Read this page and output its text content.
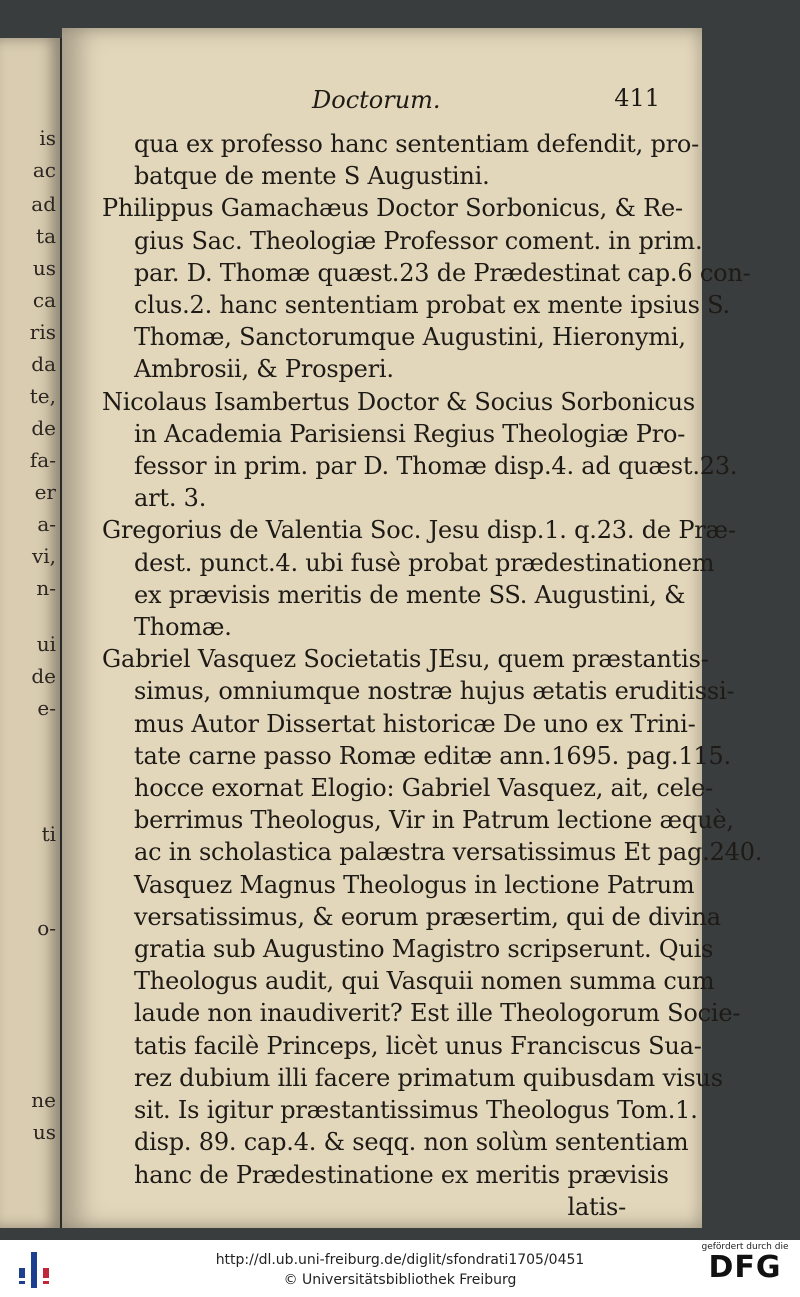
is
ac
ad
ta
us
ca
ris
da
te,
de
fa-
er
a-
vi,
n-
ui
de
e-
ti
o-
ne
us
Doctorum.	411
qua ex professo hanc sententiam defendit, pro-
batque de mente S Augustini.
Philippus Gamachæus Doctor Sorbonicus, & Re-
gius Sac. Theologiæ Professor coment. in prim.
par. D. Thomæ quæst.23 de Prædestinat cap.6 con-
clus.2. hanc sententiam probat ex mente ipsius S.
Thomæ, Sanctorumque Augustini, Hieronymi,
Ambrosii, & Prosperi.
Nicolaus Isambertus Doctor & Socius Sorbonicus
in Academia Parisiensi Regius Theologiæ Pro-
fessor in prim. par D. Thomæ disp.4. ad quæst.23.
art. 3.
Gregorius de Valentia Soc. Jesu disp.1. q.23. de Præ-
dest. punct.4. ubi fusè probat prædestinationem
ex prævisis meritis de mente SS. Augustini, &
Thomæ.
Gabriel Vasquez Societatis JEsu, quem præstantis-
simus, omniumque nostræ hujus ætatis eruditissi-
mus Autor Dissertat historicæ De uno ex Trini-
tate carne passo Romæ editæ ann.1695. pag.115.
hocce exornat Elogio: Gabriel Vasquez, ait, cele-
berrimus Theologus, Vir in Patrum lectione æquè,
ac in scholastica palæstra versatissimus Et pag.240.
Vasquez Magnus Theologus in lectione Patrum
versatissimus, & eorum præsertim, qui de divina
gratia sub Augustino Magistro scripserunt. Quis
Theologus audit, qui Vasquii nomen summa cum
laude non inaudiverit? Est ille Theologorum Socie-
tatis facilè Princeps, licèt unus Franciscus Sua-
rez dubium illi facere primatum quibusdam visus
sit. Is igitur præstantissimus Theologus Tom.1.
disp. 89. cap.4. & seqq. non solùm sententiam
hanc de Prædestinatione ex meritis prævisis
latis-
http://dl.ub.uni-freiburg.de/diglit/sfondrati1705/0451
© Universitätsbibliothek Freiburg
gefördert durch die
DFG
